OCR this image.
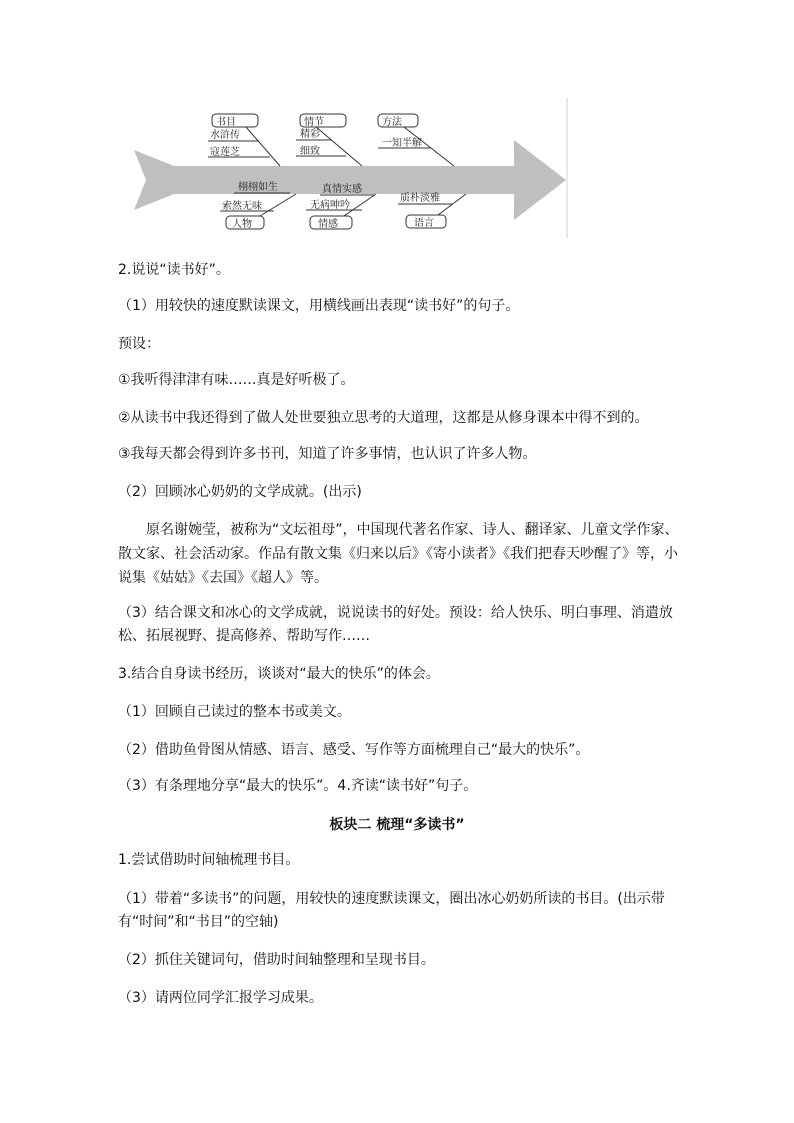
书目	情节	方法
水浒传
寇莲芝
精彩
细致
一知半解
人物	情感	语言
栩栩如生
索然无味
真情实感
无病呻吟
质朴淡雅
2.说说“读书好”。
（1）用较快的速度默读课文，用横线画出表现“读书好”的句子。
预设：
①我听得津津有味……真是好听极了。
②从读书中我还得到了做人处世要独立思考的大道理，这都是从修身课本中得不到的。
③我每天都会得到许多书刊，知道了许多事情，也认识了许多人物。
（2）回顾冰心奶奶的文学成就。(出示)
原名谢婉莹，被称为“文坛祖母”，中国现代著名作家、诗人、翻译家、儿童文学作家、散文家、社会活动家。作品有散文集《归来以后》《寄小读者》《我们把春天吵醒了》等，小说集《姑姑》《去国》《超人》等。
（3）结合课文和冰心的文学成就，说说读书的好处。预设：给人快乐、明白事理、消遣放松、拓展视野、提高修养、帮助写作……
3.结合自身读书经历，谈谈对“最大的快乐”的体会。
（1）回顾自己读过的整本书或美文。
（2）借助鱼骨图从情感、语言、感受、写作等方面梳理自己“最大的快乐”。
（3）有条理地分享“最大的快乐”。4.齐读“读书好”句子。
板块二 梳理“多读书”
1.尝试借助时间轴梳理书目。
（1）带着“多读书”的问题，用较快的速度默读课文，圈出冰心奶奶所读的书目。(出示带有“时间”和“书目”的空轴)
（2）抓住关键词句，借助时间轴整理和呈现书目。
（3）请两位同学汇报学习成果。
